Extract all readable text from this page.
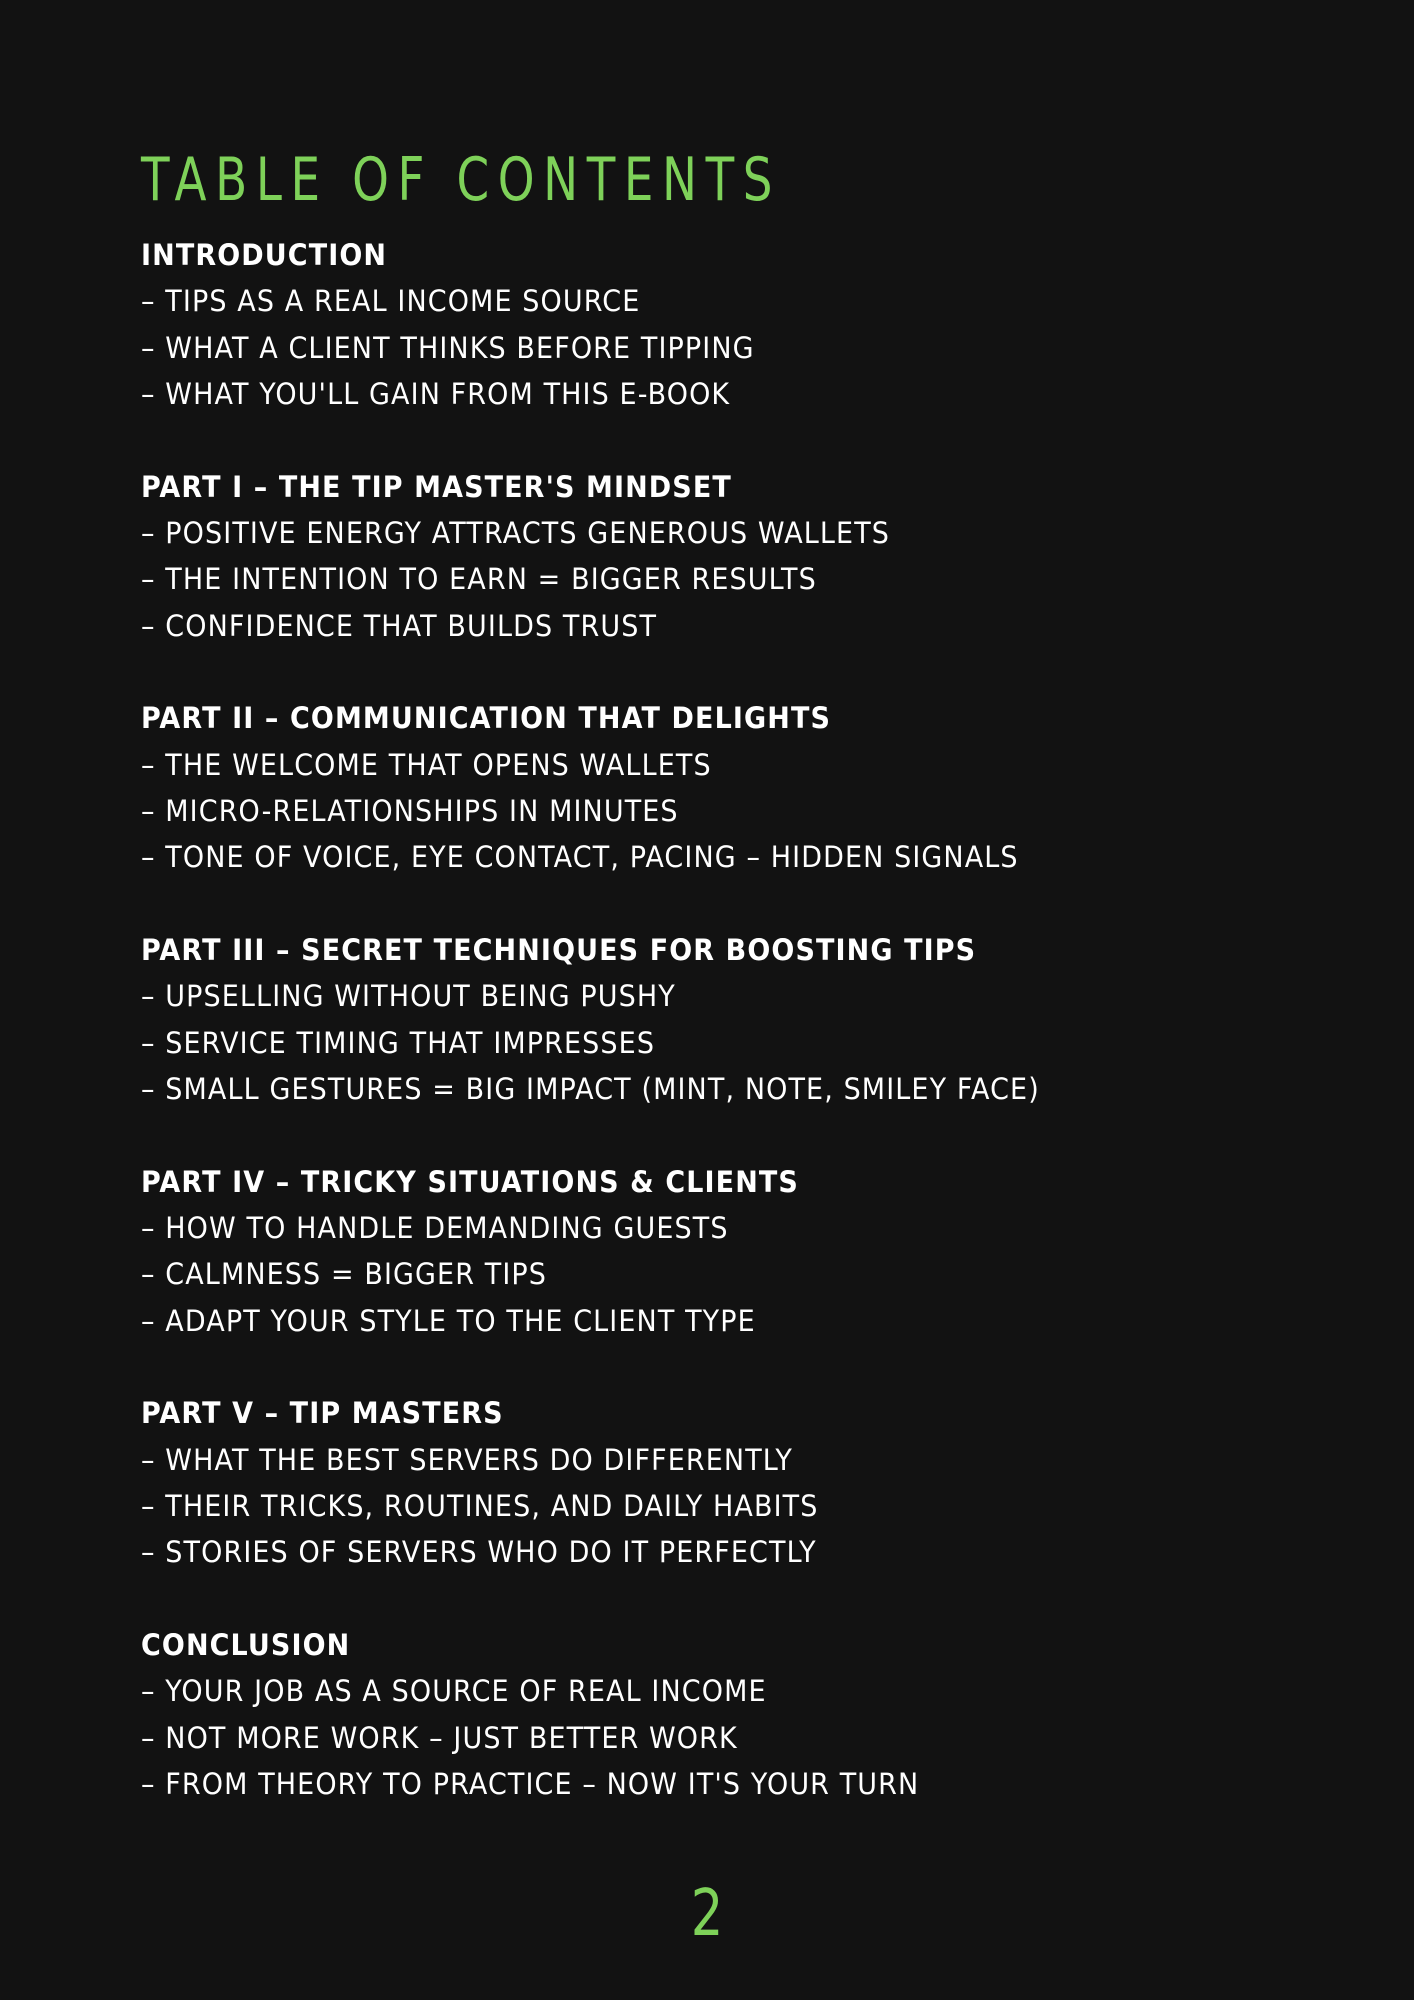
TABLE OF CONTENTS
INTRODUCTION
– TIPS AS A REAL INCOME SOURCE
– WHAT A CLIENT THINKS BEFORE TIPPING
– WHAT YOU'LL GAIN FROM THIS E-BOOK
PART I – THE TIP MASTER'S MINDSET
– POSITIVE ENERGY ATTRACTS GENEROUS WALLETS
– THE INTENTION TO EARN = BIGGER RESULTS
– CONFIDENCE THAT BUILDS TRUST
PART II – COMMUNICATION THAT DELIGHTS
– THE WELCOME THAT OPENS WALLETS
– MICRO-RELATIONSHIPS IN MINUTES
– TONE OF VOICE, EYE CONTACT, PACING – HIDDEN SIGNALS
PART III – SECRET TECHNIQUES FOR BOOSTING TIPS
– UPSELLING WITHOUT BEING PUSHY
– SERVICE TIMING THAT IMPRESSES
– SMALL GESTURES = BIG IMPACT (MINT, NOTE, SMILEY FACE)
PART IV – TRICKY SITUATIONS & CLIENTS
– HOW TO HANDLE DEMANDING GUESTS
– CALMNESS = BIGGER TIPS
– ADAPT YOUR STYLE TO THE CLIENT TYPE
PART V – TIP MASTERS
– WHAT THE BEST SERVERS DO DIFFERENTLY
– THEIR TRICKS, ROUTINES, AND DAILY HABITS
– STORIES OF SERVERS WHO DO IT PERFECTLY
CONCLUSION
– YOUR JOB AS A SOURCE OF REAL INCOME
– NOT MORE WORK – JUST BETTER WORK
– FROM THEORY TO PRACTICE – NOW IT'S YOUR TURN
2
